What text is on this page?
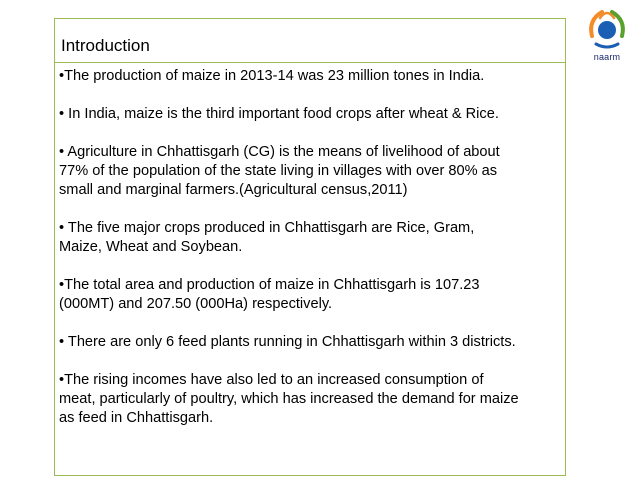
naarm
Introduction

•The production of maize in 2013-14 was 23 million tones in India.

• In India, maize is the third important food crops after wheat & Rice.

• Agriculture in Chhattisgarh (CG) is the means of livelihood of about
77% of the population of the state living in villages with over 80% as
small and marginal farmers.(Agricultural census,2011)

• The five major crops produced in Chhattisgarh are Rice, Gram,
Maize, Wheat and Soybean.

•The total area and production of maize in Chhattisgarh is 107.23
(000MT) and 207.50 (000Ha) respectively.

• There are only 6 feed plants running in Chhattisgarh within 3 districts.

•The rising incomes have also led to an increased consumption of
meat, particularly of poultry, which has increased the demand for maize
as feed in Chhattisgarh.
